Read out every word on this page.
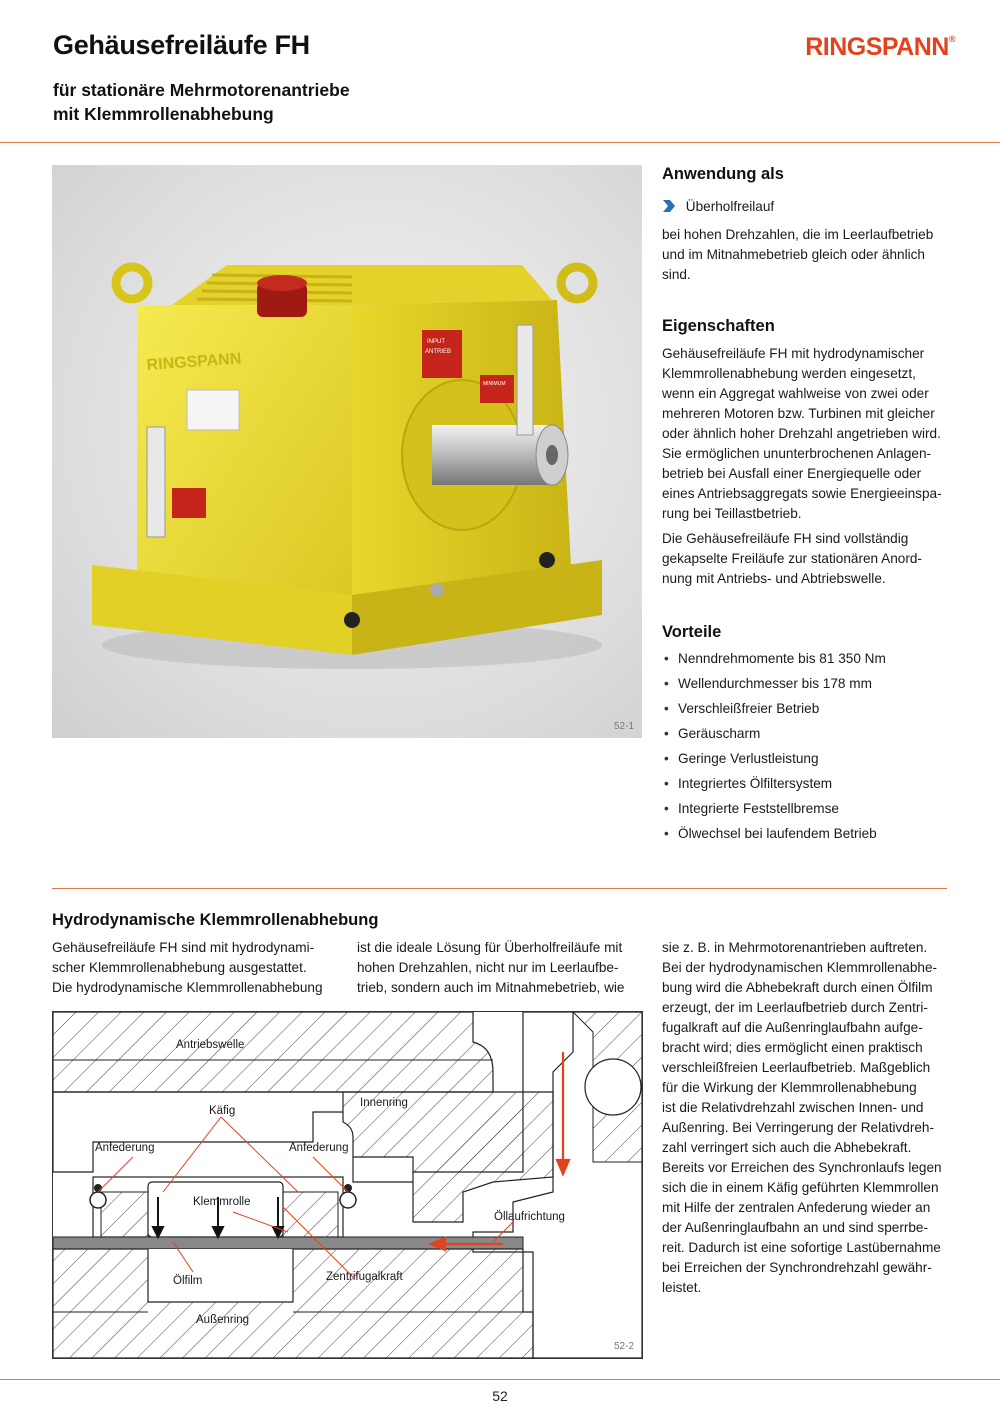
Gehäusefreiläufe FH
für stationäre Mehrmotorenantriebe
mit Klemmrollenabhebung
RINGSPANN®
RINGSPANN
INPUT
ANTRIEB
MINIMUM
52-1
Anwendung als
Überholfreilauf
bei hohen Drehzahlen, die im Leerlaufbetrieb
und im Mitnahmebetrieb gleich oder ähnlich
sind.
Eigenschaften
Gehäusefreiläufe FH mit hydrodynamischer
Klemmrollenabhebung werden eingesetzt,
wenn ein Aggregat wahlweise von zwei oder
mehreren Motoren bzw. Turbinen mit gleicher
oder ähnlich hoher Drehzahl angetrieben wird.
Sie ermöglichen ununterbrochenen Anlagen-
betrieb bei Ausfall einer Energiequelle oder
eines Antriebsaggregats sowie Energieeinspa-
rung bei Teillastbetrieb.
Die Gehäusefreiläufe FH sind vollständig
gekapselte Freiläufe zur stationären Anord-
nung mit Antriebs- und Abtriebswelle.
Vorteile
• Nenndrehmomente bis 81 350 Nm
• Wellendurchmesser bis 178 mm
• Verschleißfreier Betrieb
• Geräuscharm
• Geringe Verlustleistung
• Integriertes Ölfiltersystem
• Integrierte Feststellbremse
• Ölwechsel bei laufendem Betrieb
Hydrodynamische Klemmrollenabhebung
Gehäusefreiläufe FH sind mit hydrodynami-
scher Klemmrollenabhebung ausgestattet.
Die hydrodynamische Klemmrollenabhebung
ist die ideale Lösung für Überholfreiläufe mit
hohen Drehzahlen, nicht nur im Leerlaufbe-
trieb, sondern auch im Mitnahmebetrieb, wie
sie z. B. in Mehrmotorenantrieben auftreten.
Bei der hydrodynamischen Klemmrollenabhe-
bung wird die Abhebekraft durch einen Ölfilm
erzeugt, der im Leerlaufbetrieb durch Zentri-
fugalkraft auf die Außenringlaufbahn aufge-
bracht wird; dies ermöglicht einen praktisch
verschleißfreien Leerlaufbetrieb. Maßgeblich
für die Wirkung der Klemmrollenabhebung
ist die Relativdrehzahl zwischen Innen- und
Außenring. Bei Verringerung der Relativdreh-
zahl verringert sich auch die Abhebekraft.
Bereits vor Erreichen des Synchronlaufs legen
sich die in einem Käfig geführten Klemmrollen
mit Hilfe der zentralen Anfederung wieder an
der Außenringlaufbahn an und sind sperrbe-
reit. Dadurch ist eine sofortige Lastübernahme
bei Erreichen der Synchrondrehzahl gewähr-
leistet.
Antriebswelle
Innenring
Käfig
Anfederung	Anfederung
Klemmrolle
Öllaufrichtung
Ölfilm	Zentrifugalkraft
Außenring
52-2
52
